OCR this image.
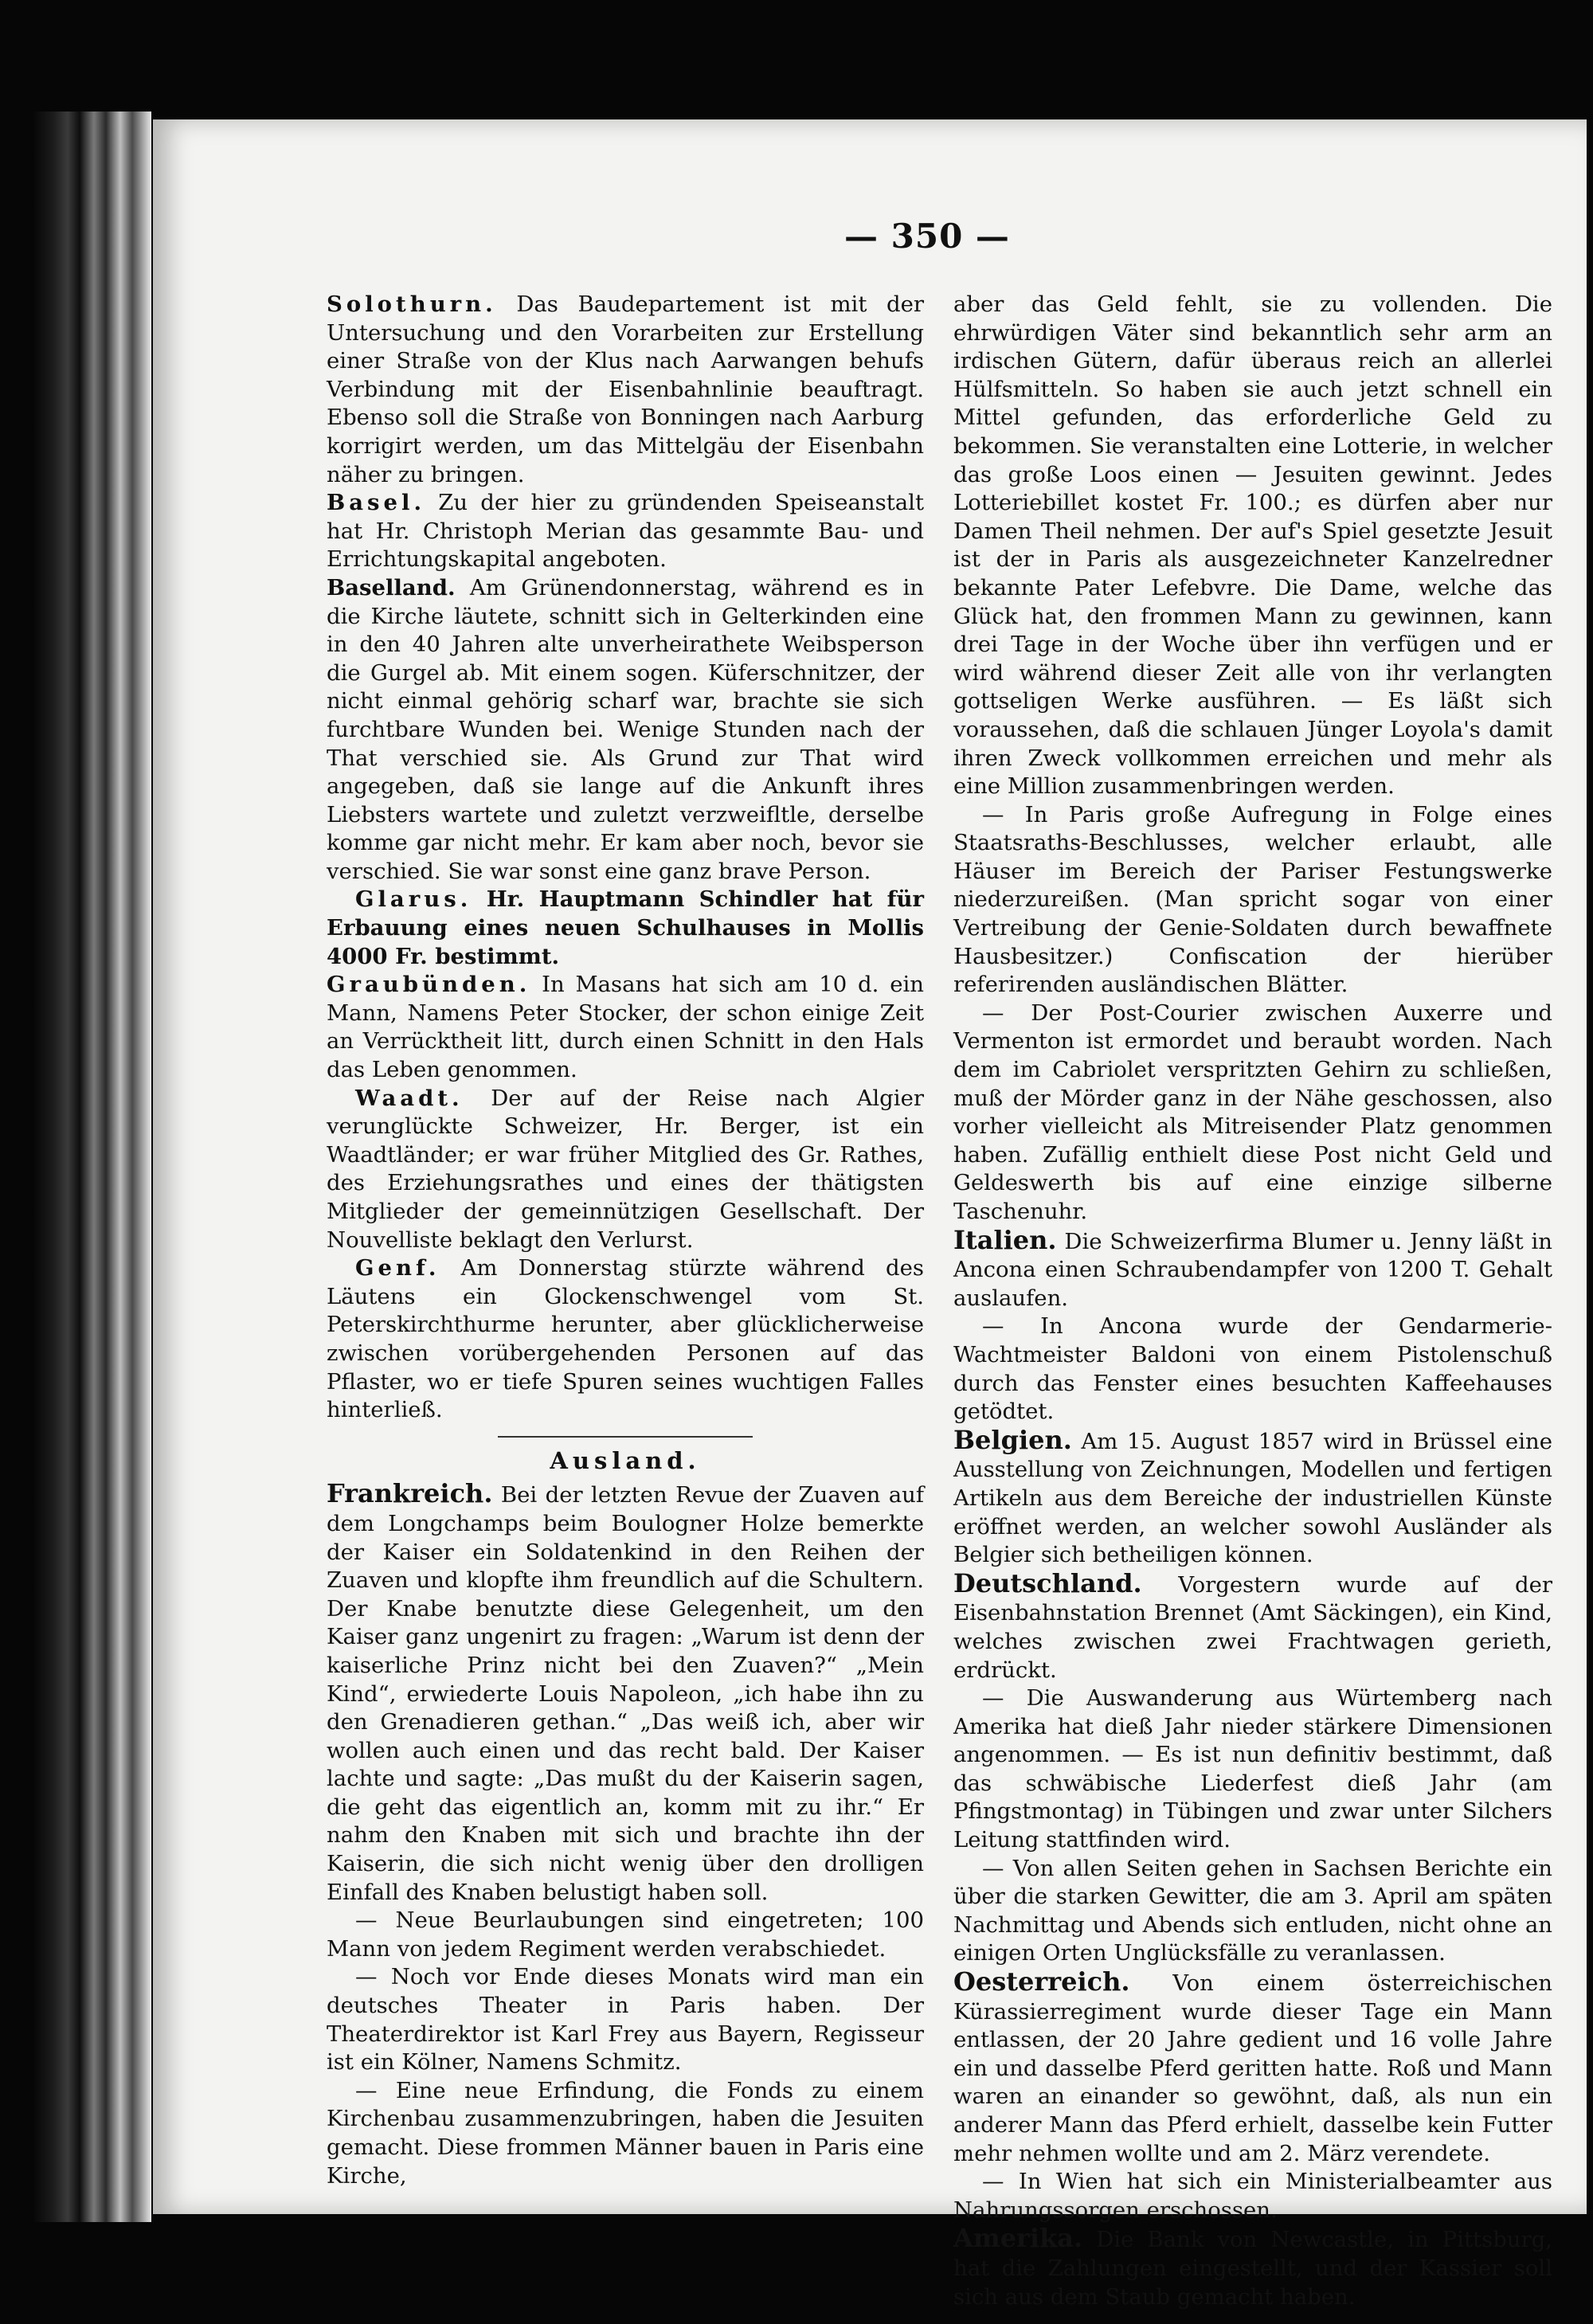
— 350 —

Solothurn. Das Baudepartement ist mit der Untersuchung und den Vorarbeiten zur Erstellung einer Straße von der Klus nach Aarwangen behufs Verbindung mit der Eisenbahnlinie beauftragt. Ebenso soll die Straße von Bonningen nach Aarburg korrigirt werden, um das Mittelgäu der Eisenbahn näher zu bringen.

Basel. Zu der hier zu gründenden Speiseanstalt hat Hr. Christoph Merian das gesammte Bau- und Errichtungskapital angeboten.

Baselland. Am Grünendonnerstag, während es in die Kirche läutete, schnitt sich in Gelterkinden eine in den 40 Jahren alte unverheirathete Weibsperson die Gurgel ab. Mit einem sogen. Küferschnitzer, der nicht einmal gehörig scharf war, brachte sie sich furchtbare Wunden bei. Wenige Stunden nach der That verschied sie. Als Grund zur That wird angegeben, daß sie lange auf die Ankunft ihres Liebsters wartete und zuletzt verzweifltle, derselbe komme gar nicht mehr. Er kam aber noch, bevor sie verschied. Sie war sonst eine ganz brave Person.

Glarus. Hr. Hauptmann Schindler hat für Erbauung eines neuen Schulhauses in Mollis 4000 Fr. bestimmt.

Graubünden. In Masans hat sich am 10 d. ein Mann, Namens Peter Stocker, der schon einige Zeit an Verrücktheit litt, durch einen Schnitt in den Hals das Leben genommen.

Waadt. Der auf der Reise nach Algier verunglückte Schweizer, Hr. Berger, ist ein Waadtländer; er war früher Mitglied des Gr. Rathes, des Erziehungsrathes und eines der thätigsten Mitglieder der gemeinnützigen Gesellschaft. Der Nouvelliste beklagt den Verlurst.

Genf. Am Donnerstag stürzte während des Läutens ein Glockenschwengel vom St. Peterskirchthurme herunter, aber glücklicherweise zwischen vorübergehenden Personen auf das Pflaster, wo er tiefe Spuren seines wuchtigen Falles hinterließ.

Ausland.

Frankreich. Bei der letzten Revue der Zuaven auf dem Longchamps beim Boulogner Holze bemerkte der Kaiser ein Soldatenkind in den Reihen der Zuaven und klopfte ihm freundlich auf die Schultern. Der Knabe benutzte diese Gelegenheit, um den Kaiser ganz ungenirt zu fragen: „Warum ist denn der kaiserliche Prinz nicht bei den Zuaven?“ „Mein Kind“, erwiederte Louis Napoleon, „ich habe ihn zu den Grenadieren gethan.“ „Das weiß ich, aber wir wollen auch einen und das recht bald. Der Kaiser lachte und sagte: „Das mußt du der Kaiserin sagen, die geht das eigentlich an, komm mit zu ihr.“ Er nahm den Knaben mit sich und brachte ihn der Kaiserin, die sich nicht wenig über den drolligen Einfall des Knaben belustigt haben soll.

— Neue Beurlaubungen sind eingetreten; 100 Mann von jedem Regiment werden verabschiedet.

— Noch vor Ende dieses Monats wird man ein deutsches Theater in Paris haben. Der Theaterdirektor ist Karl Frey aus Bayern, Regisseur ist ein Kölner, Namens Schmitz.

— Eine neue Erfindung, die Fonds zu einem Kirchenbau zusammenzubringen, haben die Jesuiten gemacht. Diese frommen Männer bauen in Paris eine Kirche,

aber das Geld fehlt, sie zu vollenden. Die ehrwürdigen Väter sind bekanntlich sehr arm an irdischen Gütern, dafür überaus reich an allerlei Hülfsmitteln. So haben sie auch jetzt schnell ein Mittel gefunden, das erforderliche Geld zu bekommen. Sie veranstalten eine Lotterie, in welcher das große Loos einen — Jesuiten gewinnt. Jedes Lotteriebillet kostet Fr. 100.; es dürfen aber nur Damen Theil nehmen. Der auf's Spiel gesetzte Jesuit ist der in Paris als ausgezeichneter Kanzelredner bekannte Pater Lefebvre. Die Dame, welche das Glück hat, den frommen Mann zu gewinnen, kann drei Tage in der Woche über ihn verfügen und er wird während dieser Zeit alle von ihr verlangten gottseligen Werke ausführen. — Es läßt sich voraussehen, daß die schlauen Jünger Loyola's damit ihren Zweck vollkommen erreichen und mehr als eine Million zusammenbringen werden.

— In Paris große Aufregung in Folge eines Staatsraths-Beschlusses, welcher erlaubt, alle Häuser im Bereich der Pariser Festungswerke niederzureißen. (Man spricht sogar von einer Vertreibung der Genie-Soldaten durch bewaffnete Hausbesitzer.) Confiscation der hierüber referirenden ausländischen Blätter.

— Der Post-Courier zwischen Auxerre und Vermenton ist ermordet und beraubt worden. Nach dem im Cabriolet verspritzten Gehirn zu schließen, muß der Mörder ganz in der Nähe geschossen, also vorher vielleicht als Mitreisender Platz genommen haben. Zufällig enthielt diese Post nicht Geld und Geldeswerth bis auf eine einzige silberne Taschenuhr.

Italien. Die Schweizerfirma Blumer u. Jenny läßt in Ancona einen Schraubendampfer von 1200 T. Gehalt auslaufen.

— In Ancona wurde der Gendarmerie-Wachtmeister Baldoni von einem Pistolenschuß durch das Fenster eines besuchten Kaffeehauses getödtet.

Belgien. Am 15. August 1857 wird in Brüssel eine Ausstellung von Zeichnungen, Modellen und fertigen Artikeln aus dem Bereiche der industriellen Künste eröffnet werden, an welcher sowohl Ausländer als Belgier sich betheiligen können.

Deutschland. Vorgestern wurde auf der Eisenbahnstation Brennet (Amt Säckingen), ein Kind, welches zwischen zwei Frachtwagen gerieth, erdrückt.

— Die Auswanderung aus Würtemberg nach Amerika hat dieß Jahr nieder stärkere Dimensionen angenommen. — Es ist nun definitiv bestimmt, daß das schwäbische Liederfest dieß Jahr (am Pfingstmontag) in Tübingen und zwar unter Silchers Leitung stattfinden wird.

— Von allen Seiten gehen in Sachsen Berichte ein über die starken Gewitter, die am 3. April am späten Nachmittag und Abends sich entluden, nicht ohne an einigen Orten Unglücksfälle zu veranlassen.

Oesterreich. Von einem österreichischen Kürassierregiment wurde dieser Tage ein Mann entlassen, der 20 Jahre gedient und 16 volle Jahre ein und dasselbe Pferd geritten hatte. Roß und Mann waren an einander so gewöhnt, daß, als nun ein anderer Mann das Pferd erhielt, dasselbe kein Futter mehr nehmen wollte und am 2. März verendete.

— In Wien hat sich ein Ministerialbeamter aus Nahrungssorgen erschossen.

Amerika. Die Bank von Newcastle, in Pittsburg, hat die Zahlungen eingestellt, und der Kassier soll sich aus dem Staub gemacht haben.
